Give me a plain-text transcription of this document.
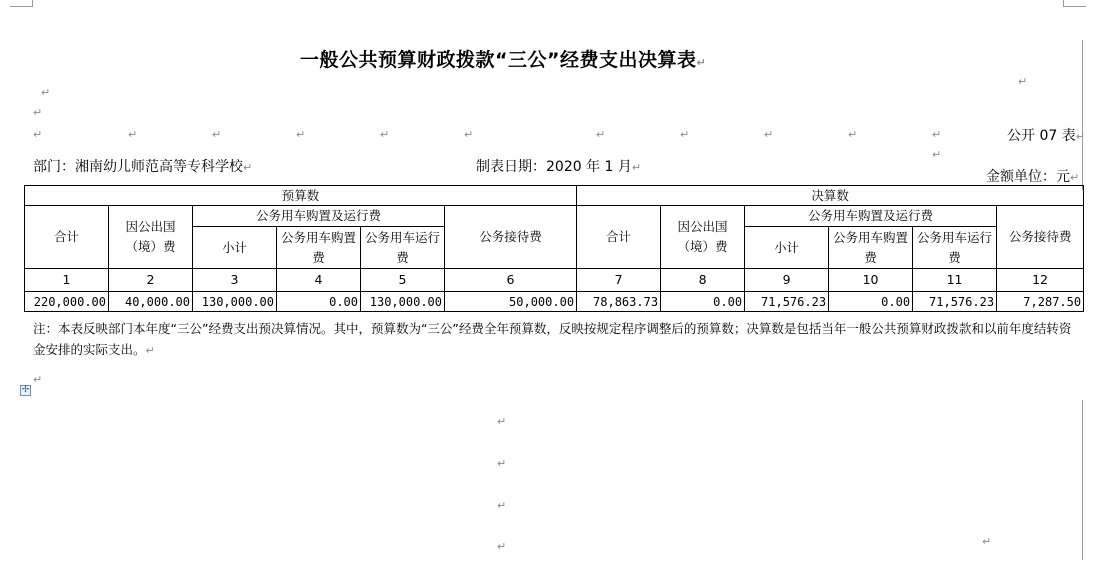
一般公共预算财政拨款“三公”经费支出决算表↵
↵
↵
↵
↵	↵	↵	↵	↵	↵	↵	↵	↵	↵	↵
↵
公开 07 表↵
部门：湘南幼儿师范高等专科学校↵	制表日期：2020 年 1 月↵
金额单位：元↵
预算数						决算数					
合计	因公出国（境）费	公务用车购置及运行费			公务接待费	合计	因公出国（境）费	公务用车购置及运行费			公务接待费
		小计	公务用车购置费	公务用车运行费				小计	公务用车购置费	公务用车运行费	
1	2	3	4	5	6	7	8	9	10	11	12
220,000.00	40,000.00	130,000.00	0.00	130,000.00	50,000.00	78,863.73	0.00	71,576.23	0.00	71,576.23	7,287.50
注：本表反映部门本年度“三公”经费支出预决算情况。其中，预算数为“三公”经费全年预算数，反映按规定程序调整后的预算数；决算数是包括当年一般公共预算财政拨款和以前年度结转资金安排的实际支出。↵
↵
✢
↵
↵
↵
↵	↵
